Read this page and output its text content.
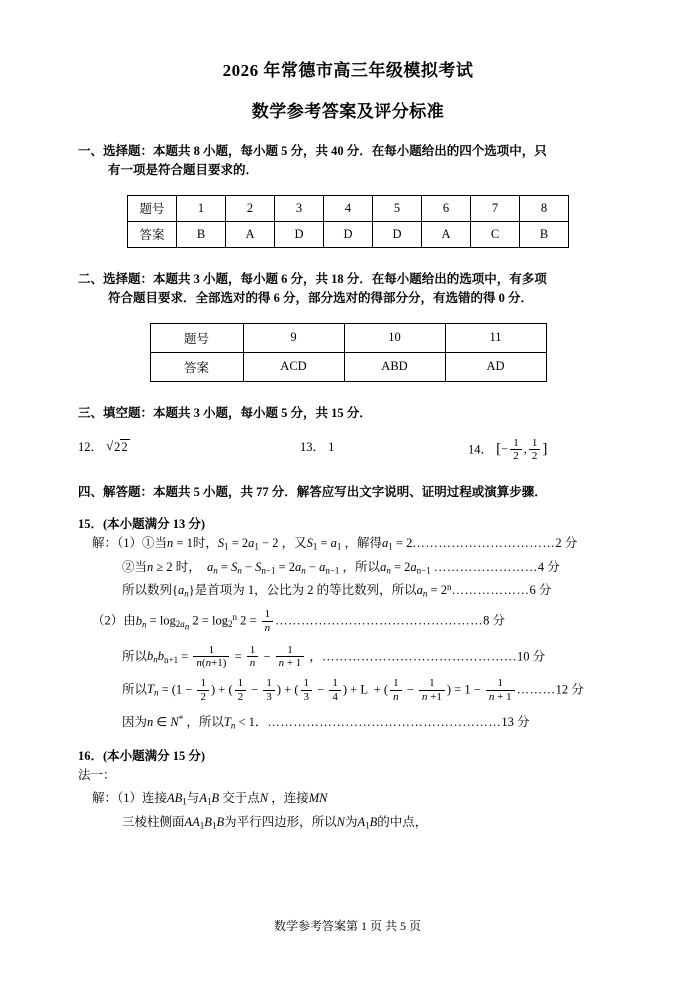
2026 年常德市高三年级模拟考试
数学参考答案及评分标准
一、选择题：本题共 8 小题，每小题 5 分，共 40 分．在每小题给出的四个选项中，只
有一项是符合题目要求的．
题号	1	2	3	4	5	6	7	8
答案	B	A	D	D	D	A	C	B
二、选择题：本题共 3 小题，每小题 6 分，共 18 分．在每小题给出的选项中，有多项
符合题目要求．全部选对的得 6 分，部分选对的得部分分，有选错的得 0 分．
题号	9	10	11
答案	ACD	ABD	AD
三、填空题：本题共 3 小题，每小题 5 分，共 15 分．
12． √ 22	13． 1	14． [− $\frac{1}{2}$ , $\frac{1}{2}$ ]
四、解答题：本题共 5 小题，共 77 分．解答应写出文字说明、证明过程或演算步骤．
15．(本小题满分 13 分)
解：（1）①当n = 1时，$S_1 = 2a_1 - 2$ ，又$S_1 = a_1$ ，解得$a_1$ = 2……………………………2 分
②当n ≥ 2 时，　$a_n = S_n - S_{n-1} = 2a_n - a_{n-1}$ ，所以$a_n = 2a_{n-1}$ ……………………4 分
所以数列$\{a_n\}$是首项为 1，公比为 2 的等比数列，所以$a_n$ = $2^n\dots\dots\dots\dots\dots\dots 6$ 分
（2）由$b_n = \log_{2a_n} 2 = \log_2^n 2 = \frac{1}{n}$ …………………………………………8 分
所以$b_nb_{n+1} = \frac{1}{n(n+1)} = \frac{1}{n} - \frac{1}{n + 1}$ ，………………………………………10 分
所以$T_n = (1 - \frac{1}{2}$ ) + ( $\frac{1}{2} - \frac{1}{3}$ ) + ( $\frac{1}{3} - \frac{1}{4}$ ) + L  + ( $\frac{1}{n} - \frac{1}{n +1}$ ) = $1 - \frac{1}{n + 1}$ ………12 分
因为n ∈ N* ，所以$T_n < 1$．………………………………………………13 分
16．(本小题满分 15 分)
法一：
解：（1）连接$AB_1$与$A_1B$ 交于点N ，连接MN
三棱柱侧面$AA_1B_1B$为平行四边形，所以N为$A_1B$的中点，
数学参考答案第 1 页 共 5 页
